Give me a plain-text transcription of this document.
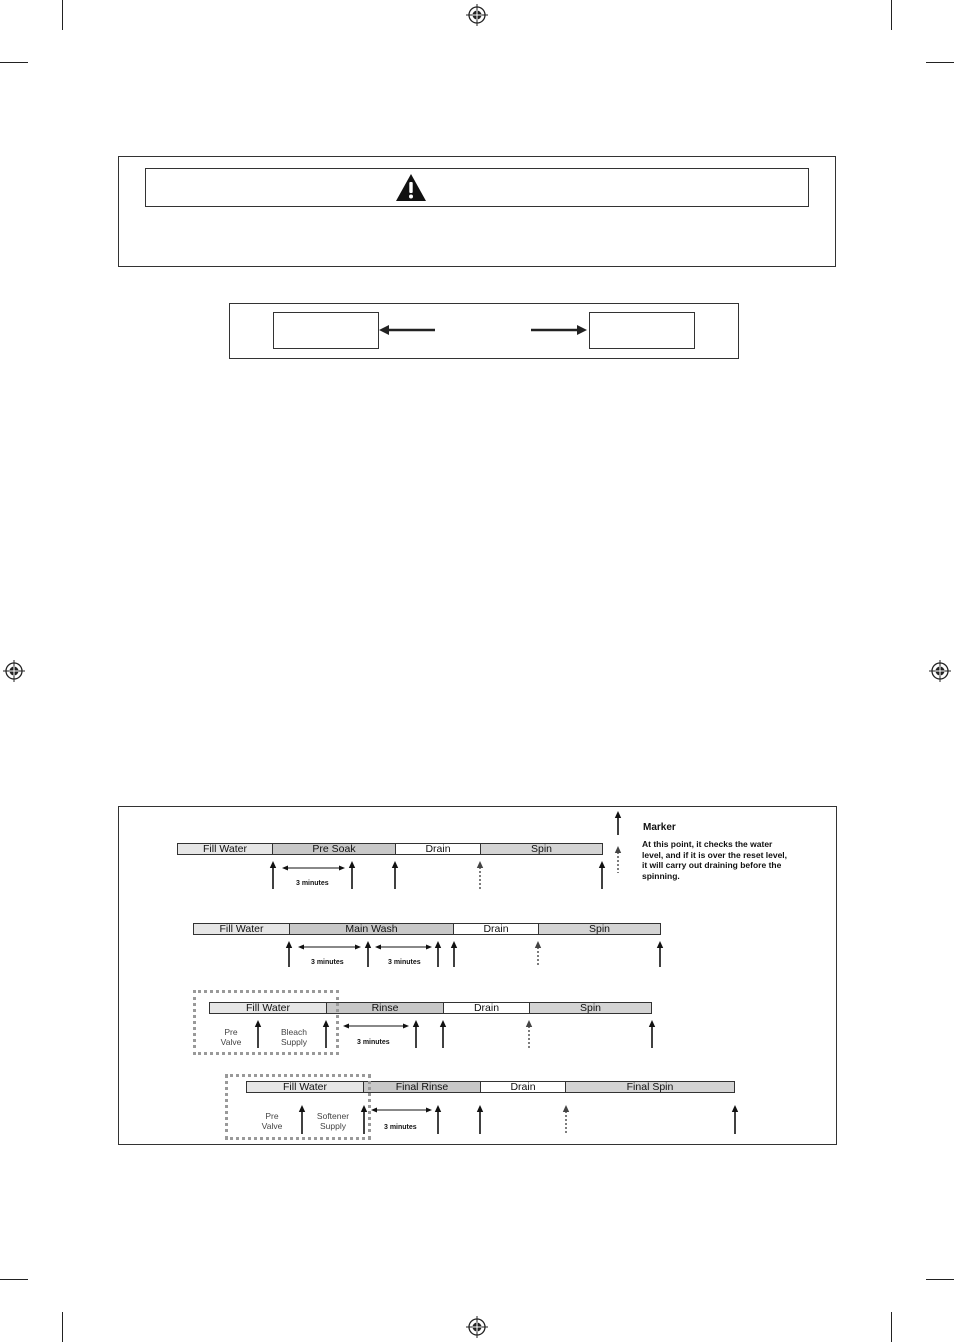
Marker
At this point, it checks the water level, and if it is over the reset level, it will carry out draining before the spinning.
Fill Water	Pre Soak	Drain	Spin
3 minutes
Fill Water	Main Wash	Drain	Spin
3 minutes	3 minutes
Fill Water	Rinse	Drain	Spin
Pre Valve
Bleach Supply	3 minutes
Fill Water	Final Rinse	Drain	Final Spin
Pre Valve
Softener Supply	3 minutes
